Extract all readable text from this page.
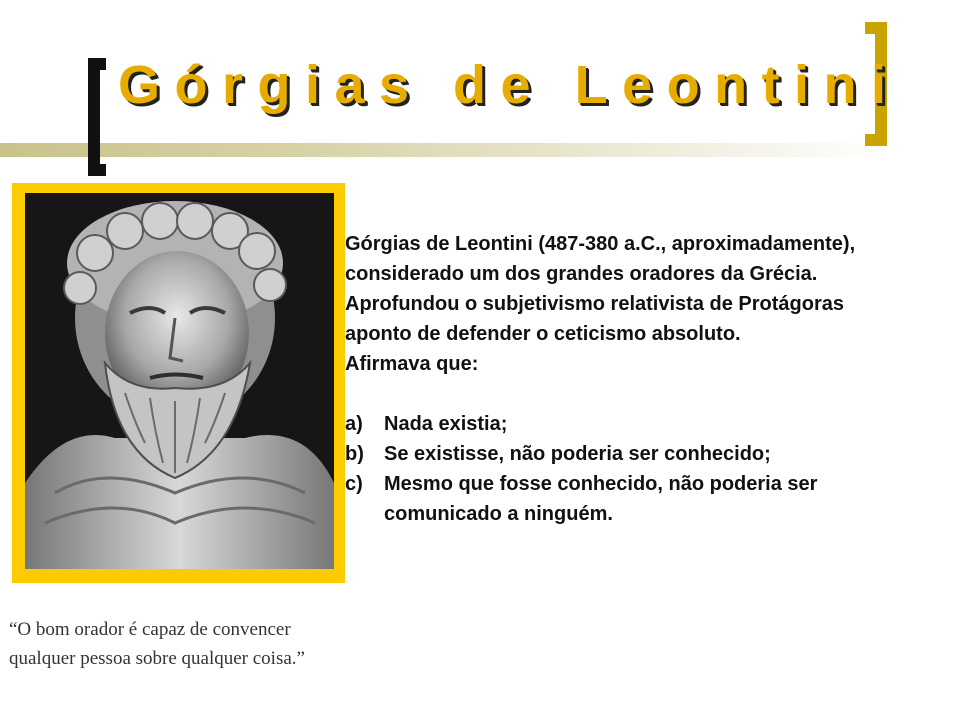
Górgias de Leontini

Górgias de Leontini (487-380 a.C., aproximadamente),

considerado um dos grandes oradores da Grécia.

Aprofundou o subjetivismo relativista de Protágoras

aponto de defender o ceticismo absoluto.

Afirmava que:

a)	Nada existia;
b)	Se existisse, não poderia ser conhecido;
c)	Mesmo que fosse conhecido, não poderia ser comunicado a ninguém.
“O bom orador é capaz de convencer
qualquer pessoa sobre qualquer coisa.”
